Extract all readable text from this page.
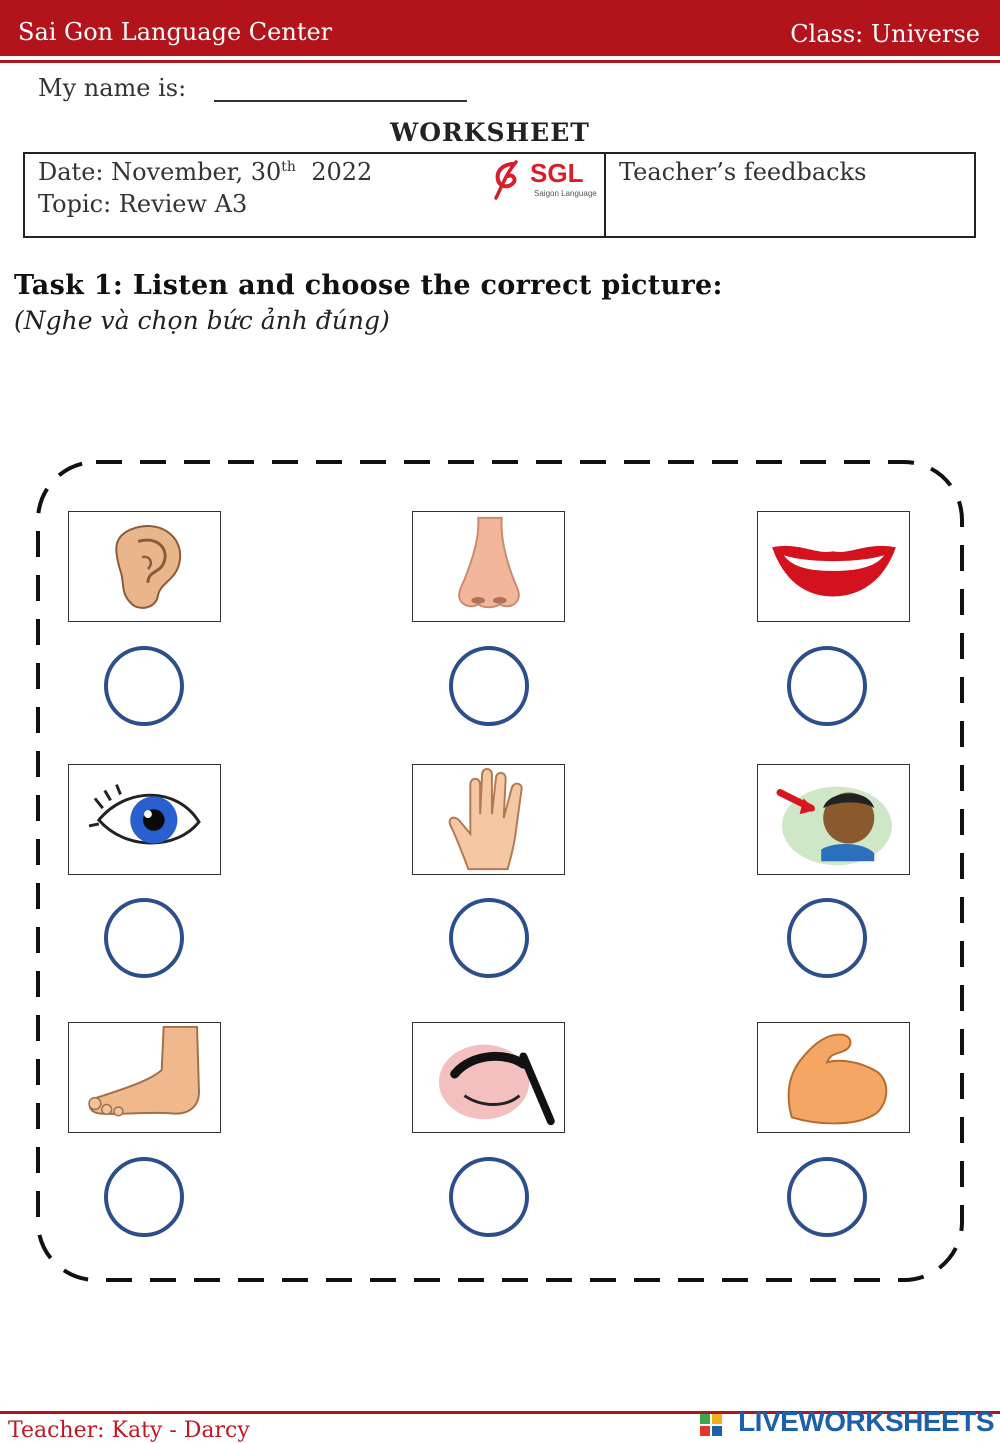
Sai Gon Language Center	Class: Universe
My name is:
WORKSHEET
Date: November, 30th 2022
Topic: Review A3
Teacher’s feedbacks
SGL
Saigon Language
Task 1: Listen and choose the correct picture:
(Nghe và chọn bức ảnh đúng)
Teacher: Katy - Darcy	LIVEWORKSHEETS
